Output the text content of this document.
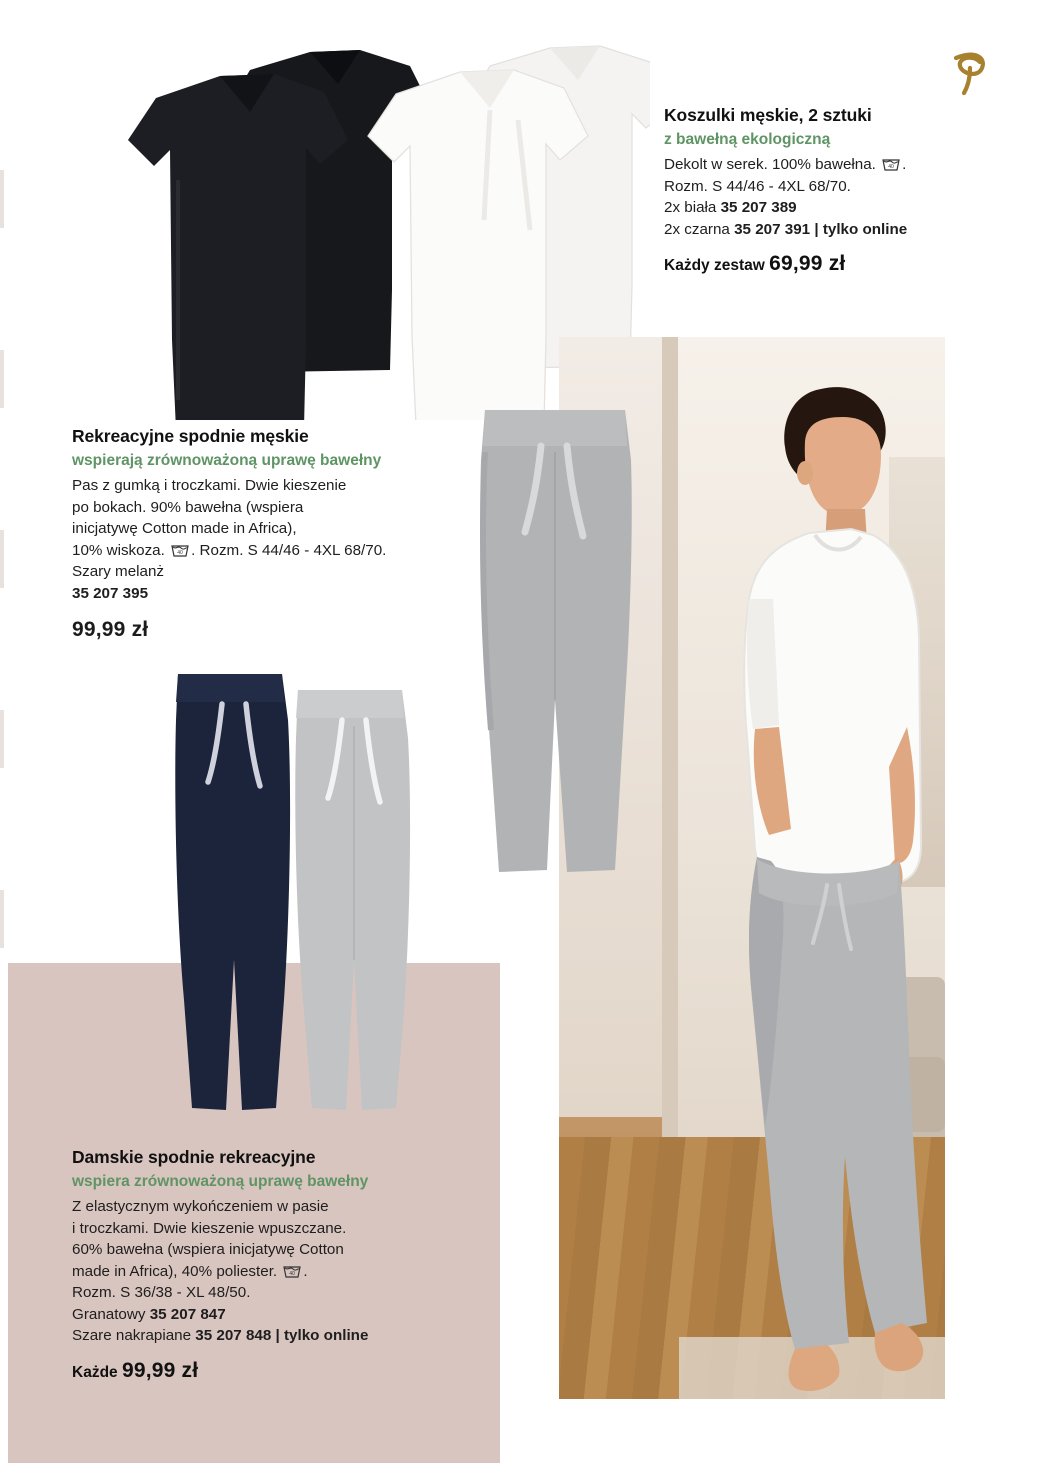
Koszulki męskie, 2 sztuki

z bawełną ekologiczną

Dekolt w serek. 100% bawełna. 40 .
Rozm. S 44/46 - 4XL 68/70.
2x biała 35 207 389
2x czarna 35 207 391 | tylko online

Każdy zestaw 69,99 zł

Rekreacyjne spodnie męskie

wspierają zrównoważoną uprawę bawełny

Pas z gumką i troczkami. Dwie kieszenie
po bokach. 90% bawełna (wspiera
inicjatywę Cotton made in Africa),
10% wiskoza. 40 . Rozm. S 44/46 - 4XL 68/70.
Szary melanż
35 207 395

99,99 zł

Damskie spodnie rekreacyjne

wspiera zrównoważoną uprawę bawełny

Z elastycznym wykończeniem w pasie
i troczkami. Dwie kieszenie wpuszczane.
60% bawełna (wspiera inicjatywę Cotton
made in Africa), 40% poliester. 40 .
Rozm. S 36/38 - XL 48/50.
Granatowy 35 207 847
Szare nakrapiane 35 207 848 | tylko online

Każde 99,99 zł
